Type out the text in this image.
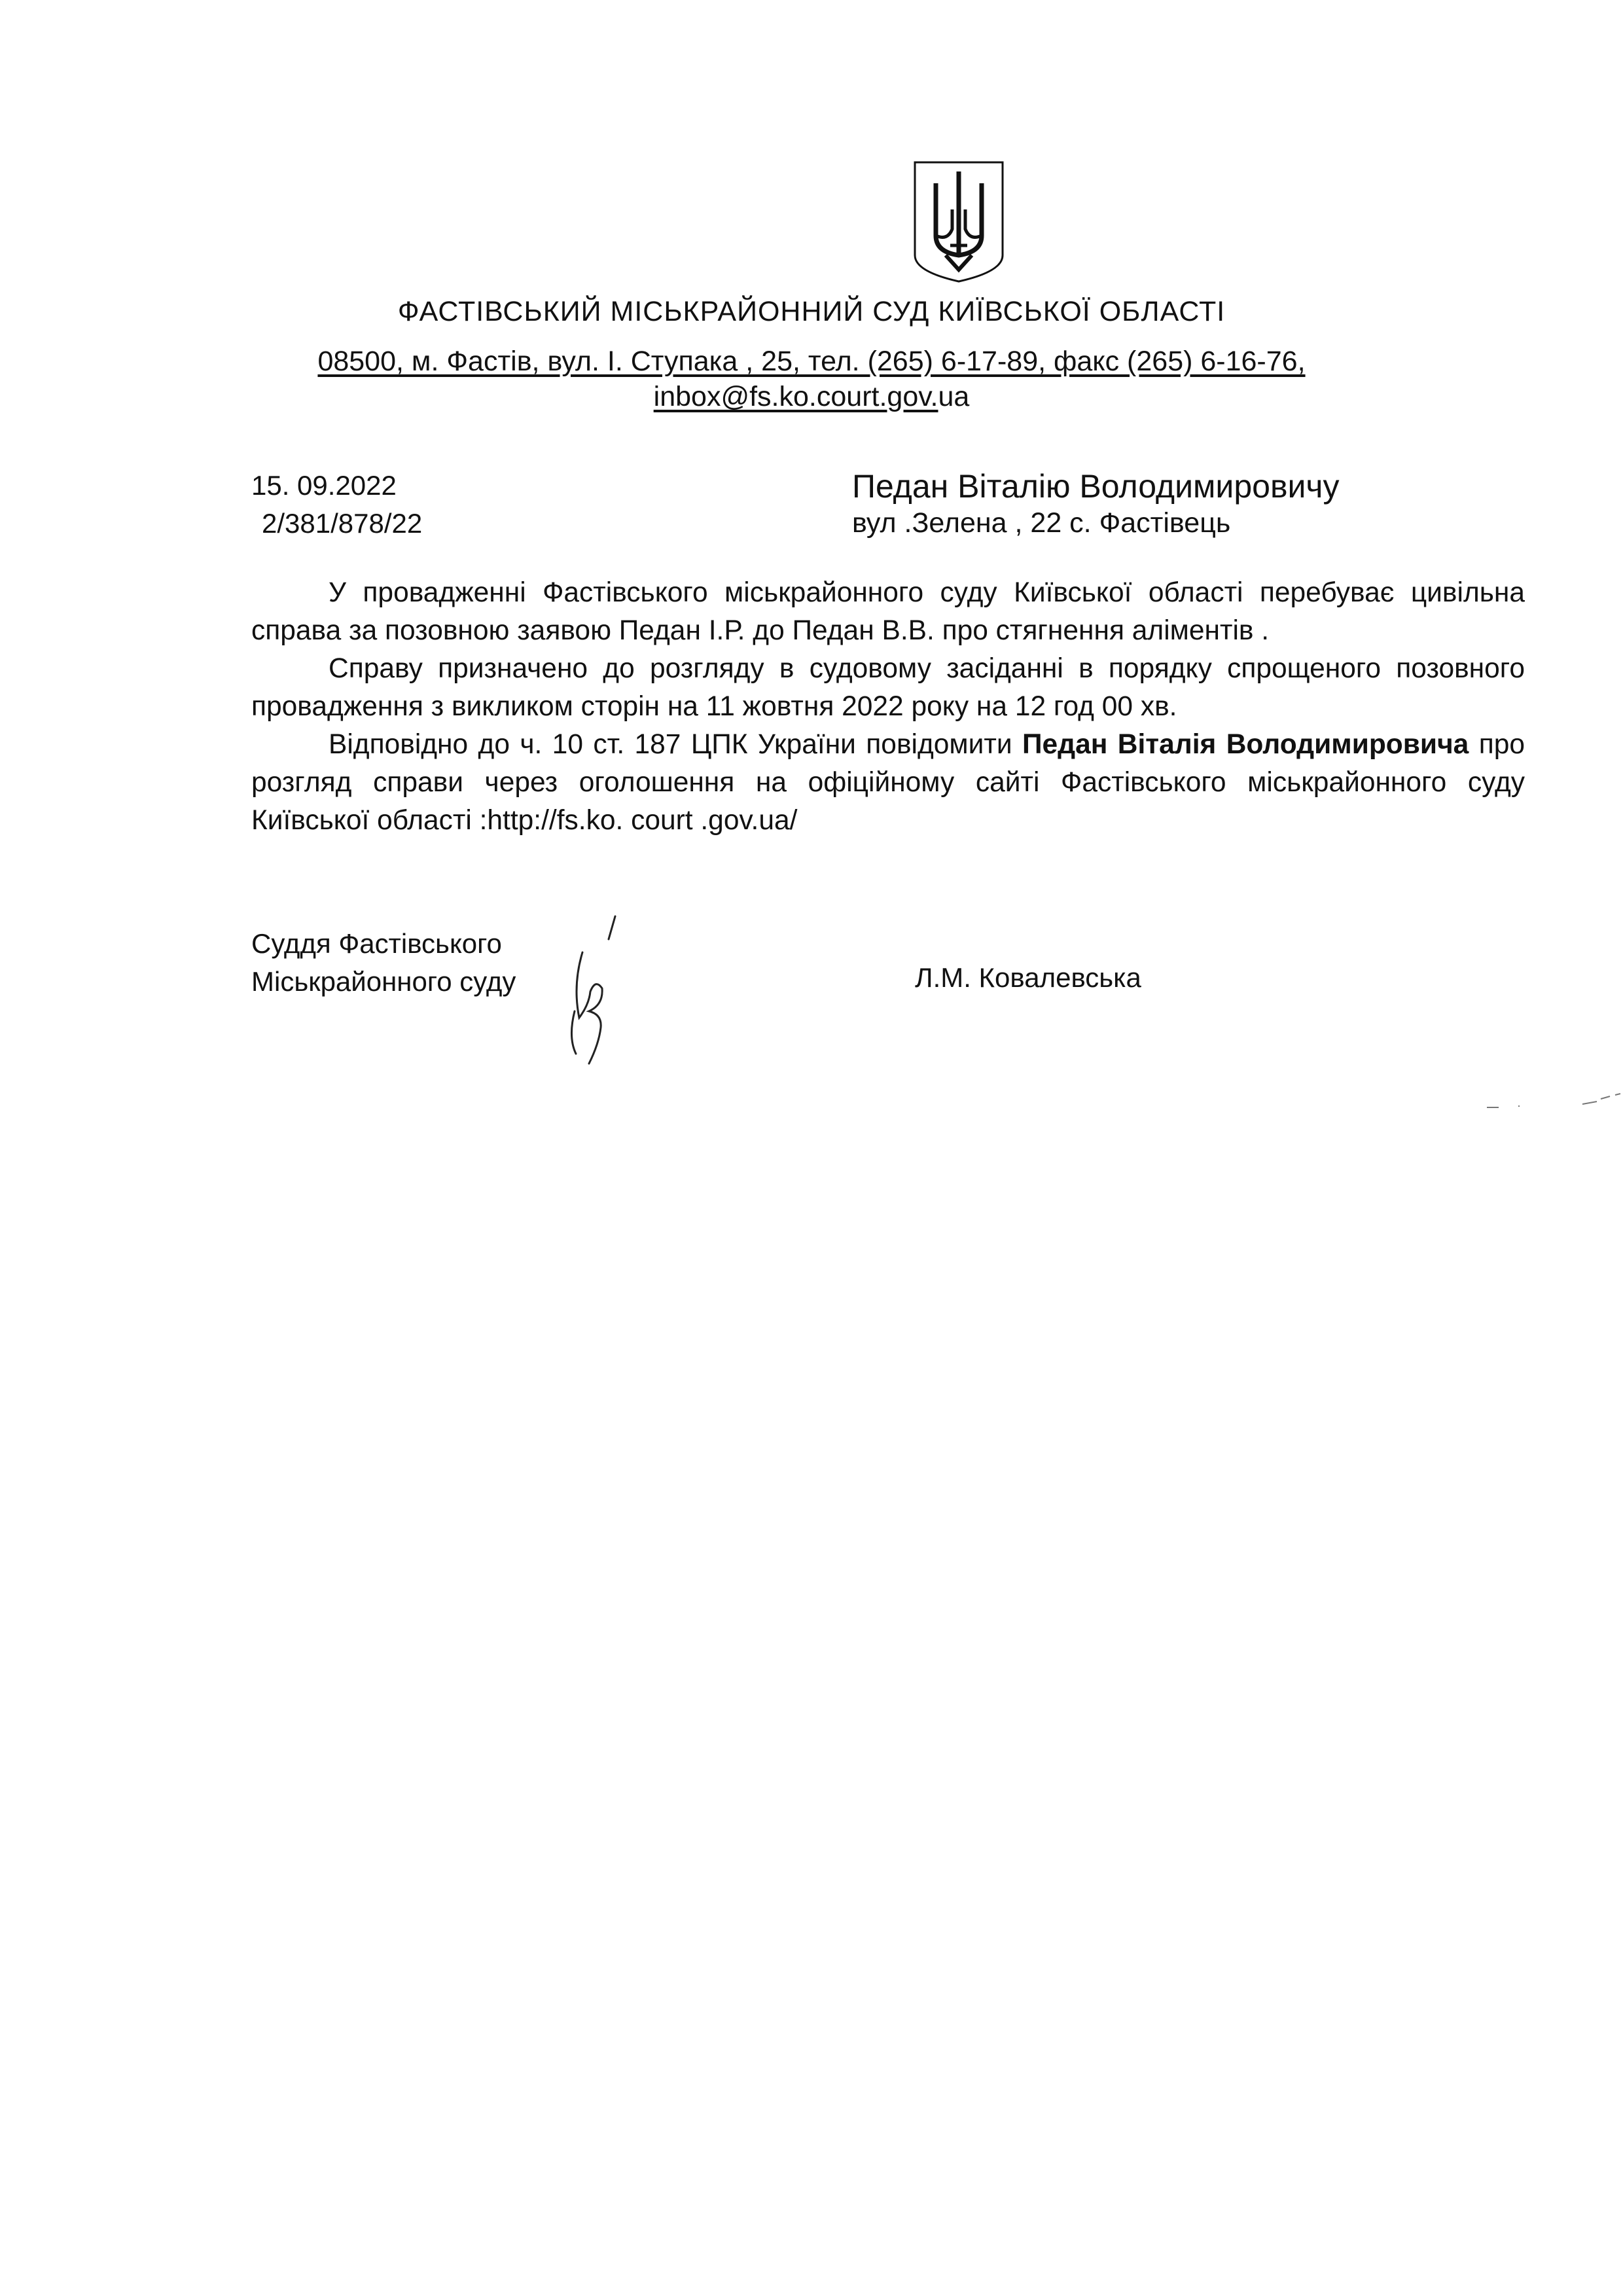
ФАСТІВСЬКИЙ МІСЬКРАЙОННИЙ СУД КИЇВСЬКОЇ ОБЛАСТІ
08500, м. Фастів, вул. І. Ступака , 25, тел. (265) 6-17-89, факс (265) 6-16-76,
inbox@fs.ko.court.gov.ua
15. 09.2022
2/381/878/22
Педан Віталію Володимировичу
вул .Зелена , 22 с. Фастівець

У провадженні Фастівського міськрайонного суду Київської області перебуває цивільна справа за позовною заявою Педан І.Р. до Педан В.В. про стягнення аліментів .

Справу призначено до розгляду в судовому засіданні в порядку спрощеного позовного провадження з викликом сторін на 11 жовтня 2022 року на 12 год 00 хв.

Відповідно до ч. 10 ст. 187 ЦПК України повідомити Педан Віталія Володимировича про розгляд справи через оголошення на офіційному сайті Фастівського міськрайонного суду Київської області :http://fs.ko. court .gov.ua/

Суддя Фастівського
Міськрайонного суду	Л.М. Ковалевська
